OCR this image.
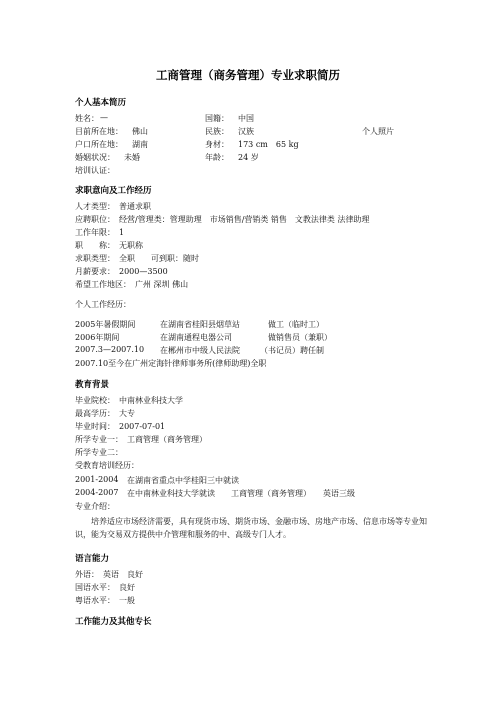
工商管理（商务管理）专业求职简历
个人基本简历
姓名： —	国籍： 中国
目前所在地： 佛山	民族： 汉族	个人照片
户口所在地： 湖南	身材： 173 cm　65 kg
婚姻状况： 未婚	年龄： 24 岁
培训认证：
求职意向及工作经历
人才类型：　普通求职
应聘职位：　经营/管理类：管理助理　市场销售/营销类 销售　文教法律类 法律助理
工作年限：　1
职　　称：　无职称
求职类型：　全职　　可到职：随时
月薪要求：　2000—3500
希望工作地区：　广州 深圳 佛山
个人工作经历：
2005年暑假期间	在湖南省桂阳县烟草站	做工（临时工）
2006年期间	在湖南通程电器公司	做销售员（兼职）
2007.3—2007.10 在郴州市中级人民法院	（书记员）聘任制
2007.10至今在广州定海针律师事务所(律师助理)全职
教育背景
毕业院校：　中南林业科技大学
最高学历：　大专
毕业时间：　2007-07-01
所学专业一：　工商管理（商务管理）
所学专业二：
受教育培训经历：
2001-2004 在湖南省重点中学桂阳三中就读
2004-2007 在中南林业科技大学就读　　工商管理（商务管理）　　英语三级
专业介绍：
培养适应市场经济需要，具有现货市场、期货市场、金融市场、房地产市场、信息市场等专业知识，能为交易双方提供中介管理和服务的中、高级专门人才。
语言能力
外语：　英语　良好
国语水平：　良好
粤语水平：　一般
工作能力及其他专长
